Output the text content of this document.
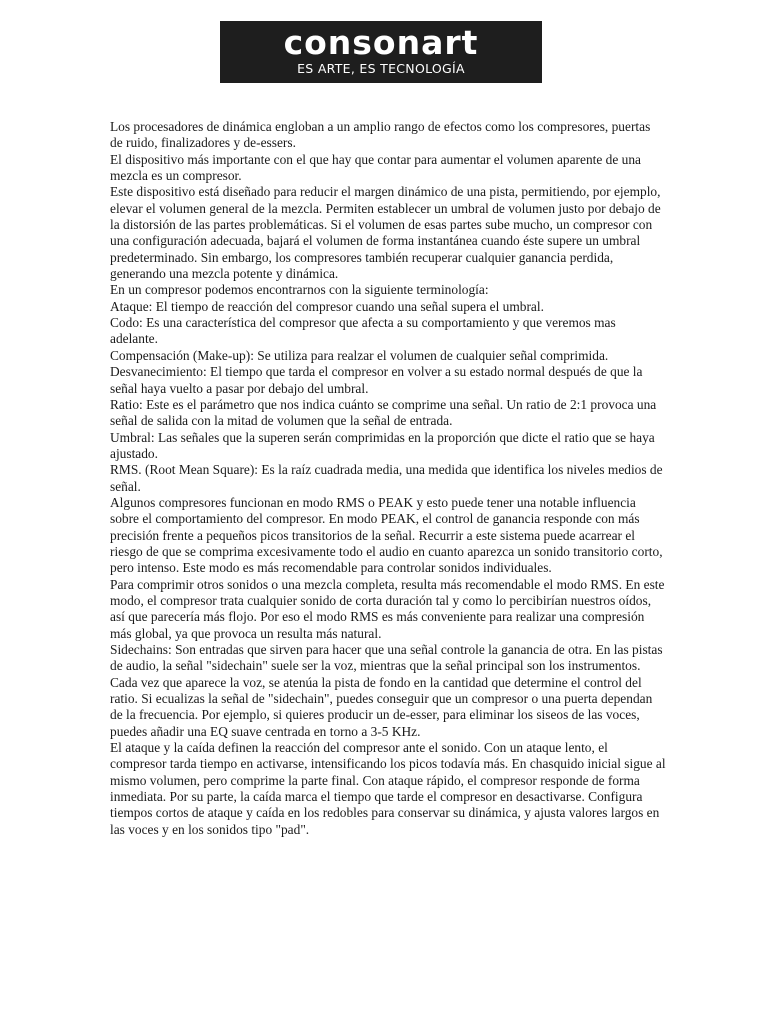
consonart
ES ARTE, ES TECNOLOGÍA

Los procesadores de dinámica engloban a un amplio rango de efectos como los compresores, puertas de ruido, finalizadores y de-essers.

El dispositivo más importante con el que hay que contar para aumentar el volumen aparente de una mezcla es un compresor.

Este dispositivo está diseñado para reducir el margen dinámico de una pista, permitiendo, por ejemplo, elevar el volumen general de la mezcla. Permiten establecer un umbral de volumen justo por debajo de la distorsión de las partes problemáticas. Si el volumen de esas partes sube mucho, un compresor con una configuración adecuada, bajará el volumen de forma instantánea cuando éste supere un umbral predeterminado. Sin embargo, los compresores también recuperar cualquier ganancia perdida, generando una mezcla potente y dinámica.

En un compresor podemos encontrarnos con la siguiente terminología:

Ataque: El tiempo de reacción del compresor cuando una señal supera el umbral.

Codo: Es una característica del compresor que afecta a su comportamiento y que veremos mas adelante.

Compensación (Make-up): Se utiliza para realzar el volumen de cualquier señal comprimida.

Desvanecimiento: El tiempo que tarda el compresor en volver a su estado normal después de que la señal haya vuelto a pasar por debajo del umbral.

Ratio: Este es el parámetro que nos indica cuánto se comprime una señal. Un ratio de 2:1 provoca una señal de salida con la mitad de volumen que la señal de entrada.

Umbral: Las señales que la superen serán comprimidas en la proporción que dicte el ratio que se haya ajustado.

RMS. (Root Mean Square): Es la raíz cuadrada media, una medida que identifica los niveles medios de señal.

Algunos compresores funcionan en modo RMS o PEAK y esto puede tener una notable influencia sobre el comportamiento del compresor. En modo PEAK, el control de ganancia responde con más precisión frente a pequeños picos transitorios de la señal. Recurrir a este sistema puede acarrear el riesgo de que se comprima excesivamente todo el audio en cuanto aparezca un sonido transitorio corto, pero intenso. Este modo es más recomendable para controlar sonidos individuales.

Para comprimir otros sonidos o una mezcla completa, resulta más recomendable el modo RMS. En este modo, el compresor trata cualquier sonido de corta duración tal y como lo percibirían nuestros oídos, así que parecería más flojo. Por eso el modo RMS es más conveniente para realizar una compresión más global, ya que provoca un resulta más natural.

Sidechains: Son entradas que sirven para hacer que una señal controle la ganancia de otra. En las pistas de audio, la señal "sidechain" suele ser la voz, mientras que la señal principal son los instrumentos. Cada vez que aparece la voz, se atenúa la pista de fondo en la cantidad que determine el control del ratio. Si ecualizas la señal de "sidechain", puedes conseguir que un compresor o una puerta dependan de la frecuencia. Por ejemplo, si quieres producir un de-esser, para eliminar los siseos de las voces, puedes añadir una EQ suave centrada en torno a 3-5 KHz.

El ataque y la caída definen la reacción del compresor ante el sonido. Con un ataque lento, el compresor tarda tiempo en activarse, intensificando los picos todavía más. En chasquido inicial sigue al mismo volumen, pero comprime la parte final. Con ataque rápido, el compresor responde de forma inmediata. Por su parte, la caída marca el tiempo que tarde el compresor en desactivarse. Configura tiempos cortos de ataque y caída en los redobles para conservar su dinámica, y ajusta valores largos en las voces y en los sonidos tipo "pad".
